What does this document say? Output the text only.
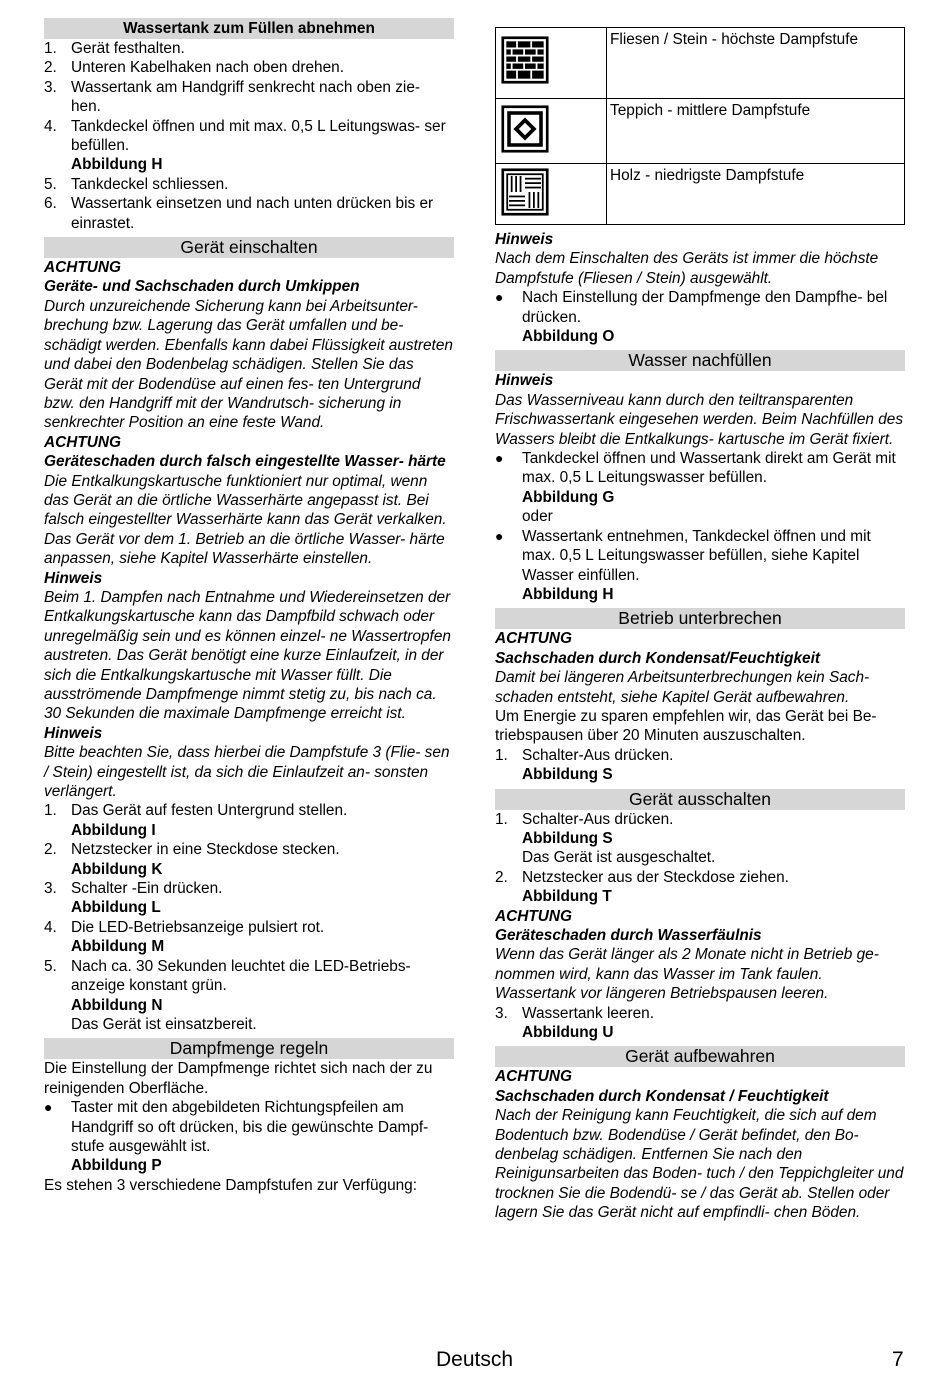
Wassertank zum Füllen abnehmen
1. Gerät festhalten.
2. Unteren Kabelhaken nach oben drehen.
3. Wassertank am Handgriff senkrecht nach oben zie- hen.
4. Tankdeckel öffnen und mit max. 0,5 L Leitungswas- ser befüllen.
Abbildung H
5. Tankdeckel schliessen.
6. Wassertank einsetzen und nach unten drücken bis er einrastet.
Gerät einschalten
ACHTUNG
Geräte- und Sachschaden durch Umkippen
Durch unzureichende Sicherung kann bei Arbeitsunter- brechung bzw. Lagerung das Gerät umfallen und be- schädigt werden. Ebenfalls kann dabei Flüssigkeit austreten und dabei den Bodenbelag schädigen. Stellen Sie das Gerät mit der Bodendüse auf einen fes- ten Untergrund bzw. den Handgriff mit der Wandrutsch- sicherung in senkrechter Position an eine feste Wand.
ACHTUNG
Geräteschaden durch falsch eingestellte Wasser- härte
Die Entkalkungskartusche funktioniert nur optimal, wenn das Gerät an die örtliche Wasserhärte angepasst ist. Bei falsch eingestellter Wasserhärte kann das Gerät verkalken. Das Gerät vor dem 1. Betrieb an die örtliche Wasser- härte anpassen, siehe Kapitel Wasserhärte einstellen.
Hinweis
Beim 1. Dampfen nach Entnahme und Wiedereinsetzen der Entkalkungskartusche kann das Dampfbild schwach oder unregelmäßig sein und es können einzel- ne Wassertropfen austreten. Das Gerät benötigt eine kurze Einlaufzeit, in der sich die Entkalkungskartusche mit Wasser füllt. Die ausströmende Dampfmenge nimmt stetig zu, bis nach ca. 30 Sekunden die maximale Dampfmenge erreicht ist.
Hinweis
Bitte beachten Sie, dass hierbei die Dampfstufe 3 (Flie- sen / Stein) eingestellt ist, da sich die Einlaufzeit an- sonsten verlängert.
1. Das Gerät auf festen Untergrund stellen.
Abbildung I
2. Netzstecker in eine Steckdose stecken.
Abbildung K
3. Schalter -Ein drücken.
Abbildung L
4. Die LED-Betriebsanzeige pulsiert rot.
Abbildung M
5. Nach ca. 30 Sekunden leuchtet die LED-Betriebs- anzeige konstant grün.
Abbildung N
Das Gerät ist einsatzbereit.
Dampfmenge regeln
Die Einstellung der Dampfmenge richtet sich nach der zu reinigenden Oberfläche.
●	Taster mit den abgebildeten Richtungspfeilen am Handgriff so oft drücken, bis die gewünschte Dampf- stufe ausgewählt ist.
Abbildung P
Es stehen 3 verschiedene Dampfstufen zur Verfügung:
	Fliesen / Stein - höchste Dampfstufe
	Teppich - mittlere Dampfstufe
	Holz - niedrigste Dampfstufe
Hinweis
Nach dem Einschalten des Geräts ist immer die höchste Dampfstufe (Fliesen / Stein) ausgewählt.
●	Nach Einstellung der Dampfmenge den Dampfhe- bel drücken.
Abbildung O
Wasser nachfüllen
Hinweis
Das Wasserniveau kann durch den teiltransparenten Frischwassertank eingesehen werden. Beim Nachfüllen des Wassers bleibt die Entkalkungs- kartusche im Gerät fixiert.
●	Tankdeckel öffnen und Wassertank direkt am Gerät mit max. 0,5 L Leitungswasser befüllen.
Abbildung G
oder
●	Wassertank entnehmen, Tankdeckel öffnen und mit max. 0,5 L Leitungswasser befüllen, siehe Kapitel Wasser einfüllen.
Abbildung H
Betrieb unterbrechen
ACHTUNG
Sachschaden durch Kondensat/Feuchtigkeit
Damit bei längeren Arbeitsunterbrechungen kein Sach- schaden entsteht, siehe Kapitel Gerät aufbewahren.
Um Energie zu sparen empfehlen wir, das Gerät bei Be- triebspausen über 20 Minuten auszuschalten.
1. Schalter-Aus drücken.
Abbildung S
Gerät ausschalten
1. Schalter-Aus drücken.
Abbildung S
Das Gerät ist ausgeschaltet.
2. Netzstecker aus der Steckdose ziehen.
Abbildung T
ACHTUNG
Geräteschaden durch Wasserfäulnis
Wenn das Gerät länger als 2 Monate nicht in Betrieb ge- nommen wird, kann das Wasser im Tank faulen. Wassertank vor längeren Betriebspausen leeren.
3. Wassertank leeren.
Abbildung U
Gerät aufbewahren
ACHTUNG
Sachschaden durch Kondensat / Feuchtigkeit
Nach der Reinigung kann Feuchtigkeit, die sich auf dem Bodentuch bzw. Bodendüse / Gerät befindet, den Bo- denbelag schädigen. Entfernen Sie nach den Reinigunsarbeiten das Boden- tuch / den Teppichgleiter und trocknen Sie die Bodendü- se / das Gerät ab. Stellen oder lagern Sie das Gerät nicht auf empfindli- chen Böden.
Deutsch	7
